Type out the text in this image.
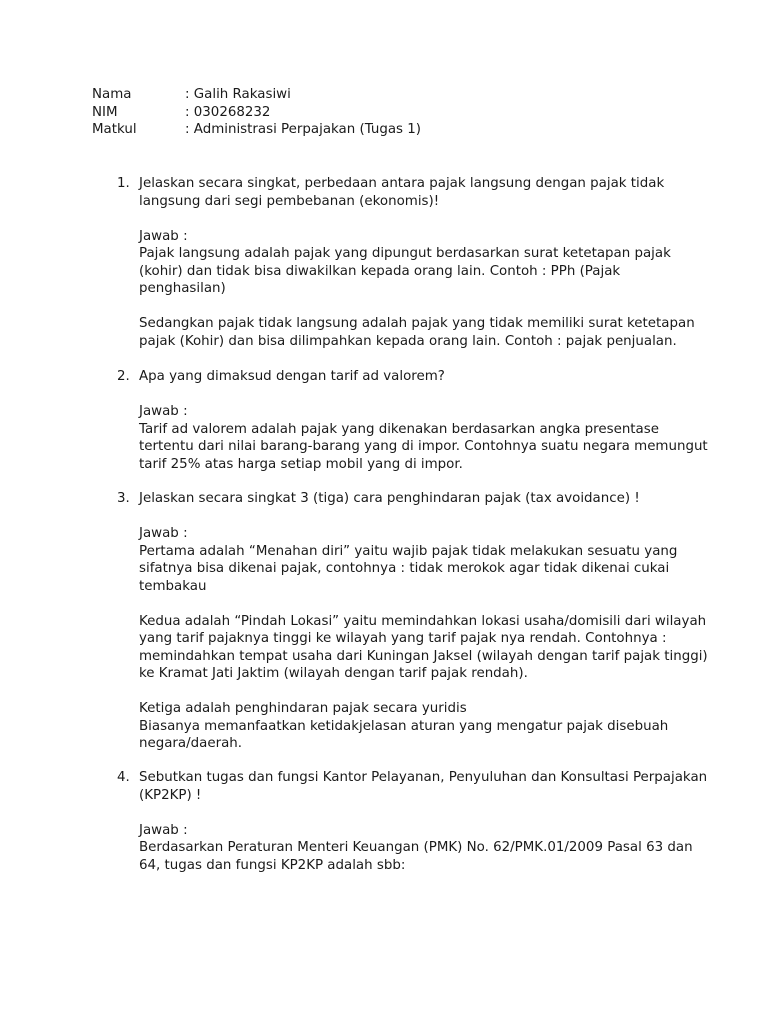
Nama	: Galih Rakasiwi
NIM	: 030268232
Matkul	: Administrasi Perpajakan (Tugas 1)
1. Jelaskan secara singkat, perbedaan antara pajak langsung dengan pajak tidak langsung dari segi pembebanan (ekonomis)!

Jawab :

Pajak langsung adalah pajak yang dipungut berdasarkan surat ketetapan pajak (kohir) dan tidak bisa diwakilkan kepada orang lain. Contoh : PPh (Pajak penghasilan)

Sedangkan pajak tidak langsung adalah pajak yang tidak memiliki surat ketetapan pajak (Kohir) dan bisa dilimpahkan kepada orang lain. Contoh : pajak penjualan.

2. Apa yang dimaksud dengan tarif ad valorem?

Jawab :

Tarif ad valorem adalah pajak yang dikenakan berdasarkan angka presentase tertentu dari nilai barang-barang yang di impor. Contohnya suatu negara memungut tarif 25% atas harga setiap mobil yang di impor.

3. Jelaskan secara singkat 3 (tiga) cara penghindaran pajak (tax avoidance) !

Jawab :

Pertama adalah “Menahan diri” yaitu wajib pajak tidak melakukan sesuatu yang sifatnya bisa dikenai pajak, contohnya : tidak merokok agar tidak dikenai cukai tembakau

Kedua adalah “Pindah Lokasi” yaitu memindahkan lokasi usaha/domisili dari wilayah yang tarif pajaknya tinggi ke wilayah yang tarif pajak nya rendah. Contohnya : memindahkan tempat usaha dari Kuningan Jaksel (wilayah dengan tarif pajak tinggi) ke Kramat Jati Jaktim (wilayah dengan tarif pajak rendah).

Ketiga adalah penghindaran pajak secara yuridis
Biasanya memanfaatkan ketidakjelasan aturan yang mengatur pajak disebuah negara/daerah.

4. Sebutkan tugas dan fungsi Kantor Pelayanan, Penyuluhan dan Konsultasi Perpajakan (KP2KP) !

Jawab :

Berdasarkan Peraturan Menteri Keuangan (PMK) No. 62/PMK.01/2009 Pasal 63 dan 64, tugas dan fungsi KP2KP adalah sbb:
